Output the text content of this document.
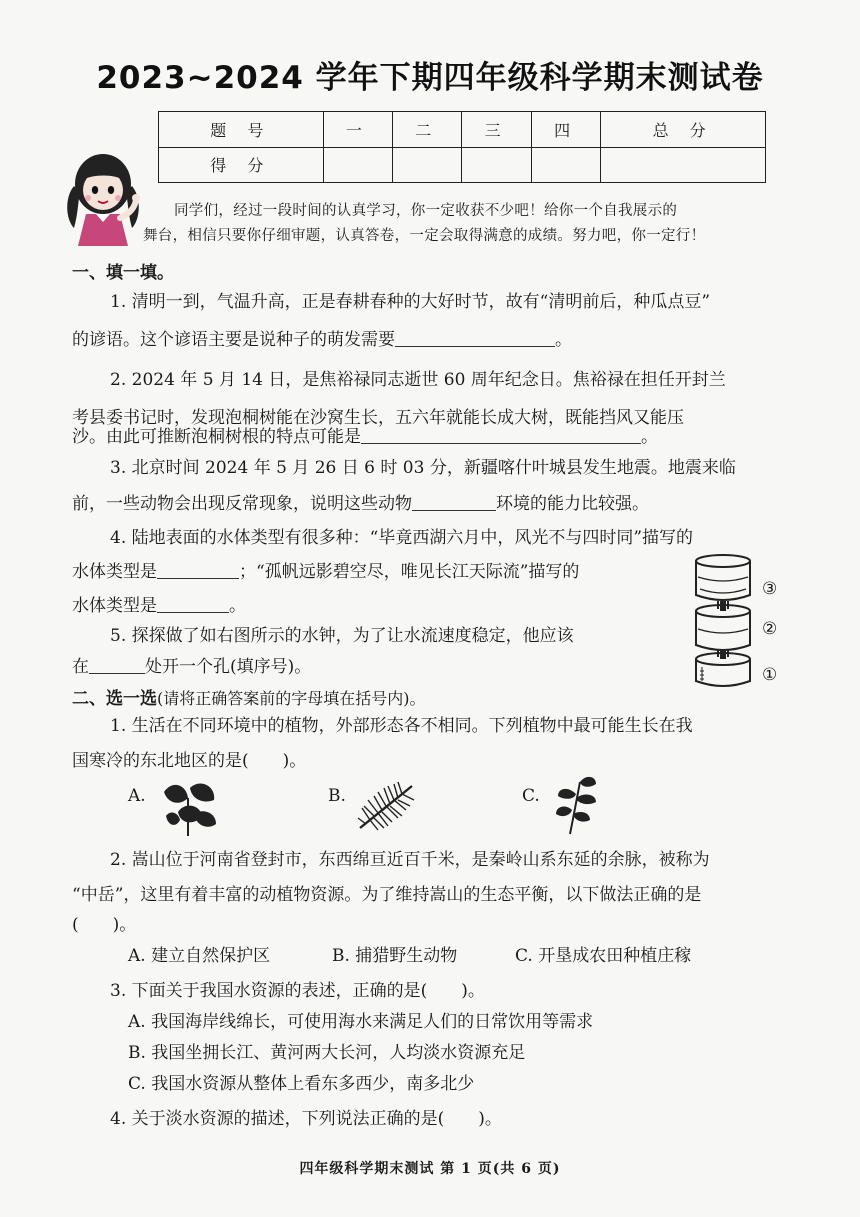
2023~2024 学年下期四年级科学期末测试卷
题 号	一	二	三	四	总 分
得 分					
同学们，经过一段时间的认真学习，你一定收获不少吧！给你一个自我展示的
舞台，相信只要你仔细审题，认真答卷，一定会取得满意的成绩。努力吧，你一定行！
一、填一填。
1. 清明一到，气温升高，正是春耕春种的大好时节，故有“清明前后，种瓜点豆”
的谚语。这个谚语主要是说种子的萌发需要	。
2. 2024 年 5 月 14 日，是焦裕禄同志逝世 60 周年纪念日。焦裕禄在担任开封兰
考县委书记时，发现泡桐树能在沙窝生长，五六年就能长成大树，既能挡风又能压
沙。由此可推断泡桐树根的特点可能是	。
3. 北京时间 2024 年 5 月 26 日 6 时 03 分，新疆喀什叶城县发生地震。地震来临
前，一些动物会出现反常现象，说明这些动物	环境的能力比较强。
4. 陆地表面的水体类型有很多种：“毕竟西湖六月中，风光不与四时同”描写的
水体类型是	；“孤帆远影碧空尽，唯见长江天际流”描写的
水体类型是	。
5. 探探做了如右图所示的水钟，为了让水流速度稳定，他应该
在	处开一个孔(填序号)。
③
②
①
二、选一选(请将正确答案前的字母填在括号内)。
1. 生活在不同环境中的植物，外部形态各不相同。下列植物中最可能生长在我
国寒冷的东北地区的是(　　)。
A.	B.	C.
2. 嵩山位于河南省登封市，东西绵亘近百千米，是秦岭山系东延的余脉，被称为
“中岳”，这里有着丰富的动植物资源。为了维持嵩山的生态平衡，以下做法正确的是
(　　)。
A. 建立自然保护区	B. 捕猎野生动物	C. 开垦成农田种植庄稼
3. 下面关于我国水资源的表述，正确的是(　　)。
A. 我国海岸线绵长，可使用海水来满足人们的日常饮用等需求
B. 我国坐拥长江、黄河两大长河，人均淡水资源充足
C. 我国水资源从整体上看东多西少，南多北少
4. 关于淡水资源的描述，下列说法正确的是(　　)。
四年级科学期末测试 第 1 页(共 6 页)
